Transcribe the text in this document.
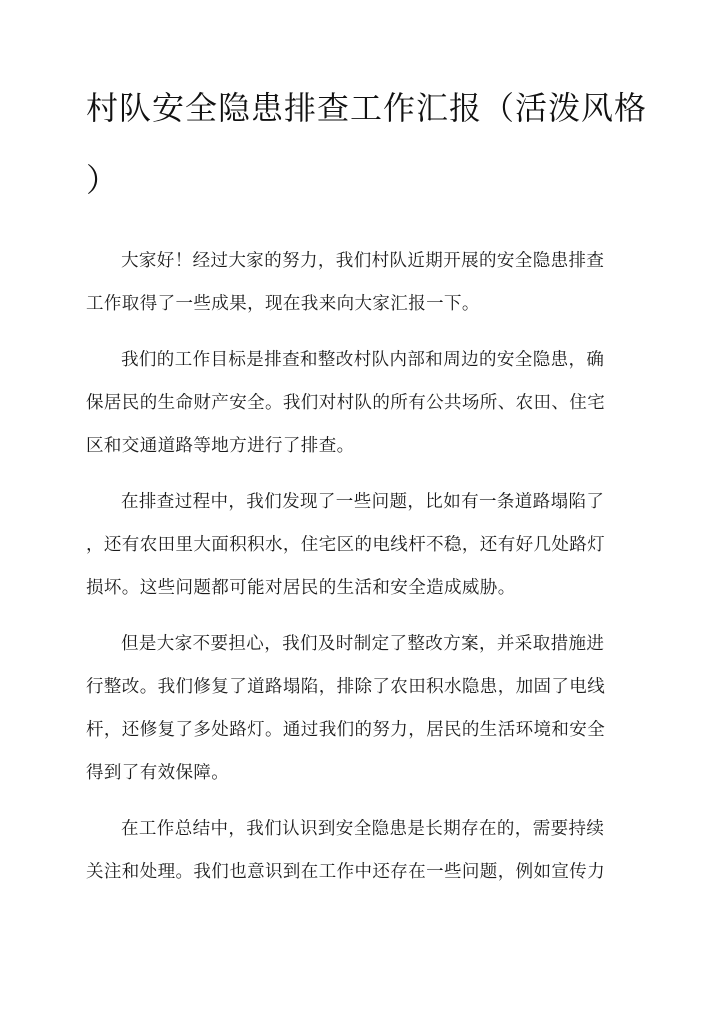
村队安全隐患排查工作汇报（活泼风格
）
大家好！经过大家的努力，我们村队近期开展的安全隐患排查
工作取得了一些成果，现在我来向大家汇报一下。
我们的工作目标是排查和整改村队内部和周边的安全隐患，确
保居民的生命财产安全。我们对村队的所有公共场所、农田、住宅
区和交通道路等地方进行了排查。
在排查过程中，我们发现了一些问题，比如有一条道路塌陷了
，还有农田里大面积积水，住宅区的电线杆不稳，还有好几处路灯
损坏。这些问题都可能对居民的生活和安全造成威胁。
但是大家不要担心，我们及时制定了整改方案，并采取措施进
行整改。我们修复了道路塌陷，排除了农田积水隐患，加固了电线
杆，还修复了多处路灯。通过我们的努力，居民的生活环境和安全
得到了有效保障。
在工作总结中，我们认识到安全隐患是长期存在的，需要持续
关注和处理。我们也意识到在工作中还存在一些问题，例如宣传力
